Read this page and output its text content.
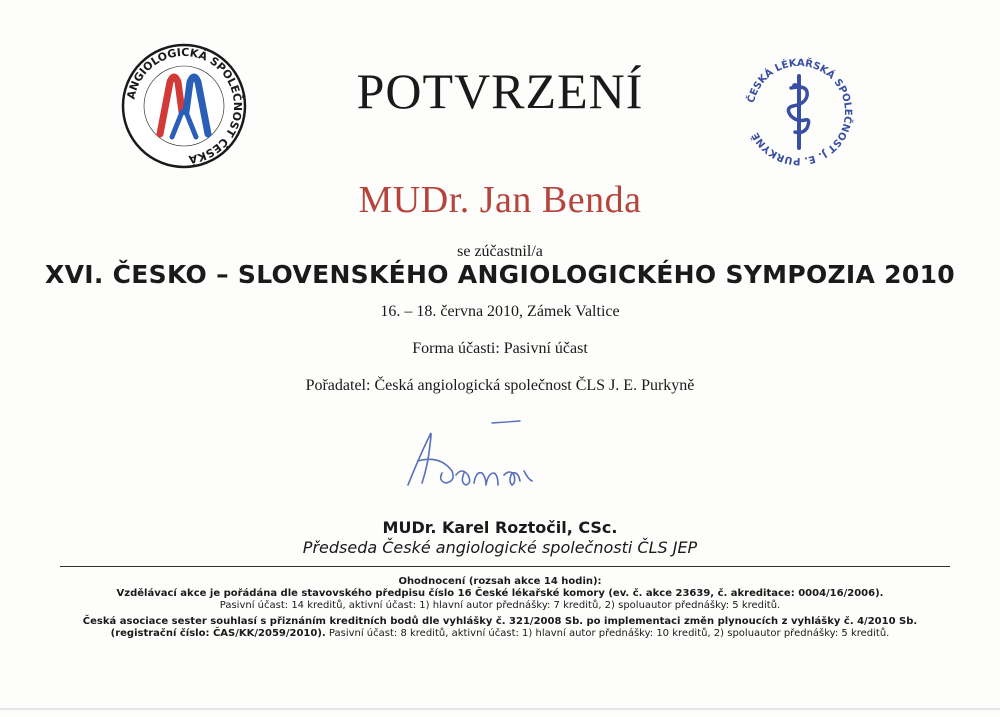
ANGIOLOGICKÁ SPOLEČNOST ČESKÁ
ČESKÁ LÉKAŘSKÁ SPOLEČNOST J. E. PURKYNĚ
POTVRZENÍ
MUDr. Jan Benda
se zúčastnil/a
XVI. ČESKO – SLOVENSKÉHO ANGIOLOGICKÉHO SYMPOZIA 2010
16. – 18. června 2010, Zámek Valtice
Forma účasti: Pasivní účast
Pořadatel: Česká angiologická společnost ČLS J. E. Purkyně
MUDr. Karel Roztočil, CSc.
Předseda České angiologické společnosti ČLS JEP
Ohodnocení (rozsah akce 14 hodin):
Vzdělávací akce je pořádána dle stavovského předpisu číslo 16 České lékařské komory (ev. č. akce 23639, č. akreditace: 0004/16/2006).
Pasivní účast: 14 kreditů, aktivní účast: 1) hlavní autor přednášky: 7 kreditů, 2) spoluautor přednášky: 5 kreditů.
Česká asociace sester souhlasí s přiznáním kreditních bodů dle vyhlášky č. 321/2008 Sb. po implementaci změn plynoucích z vyhlášky č. 4/2010 Sb.
(registrační číslo: ČAS/KK/2059/2010). Pasivní účast: 8 kreditů, aktivní účast: 1) hlavní autor přednášky: 10 kreditů, 2) spoluautor přednášky: 5 kreditů.
